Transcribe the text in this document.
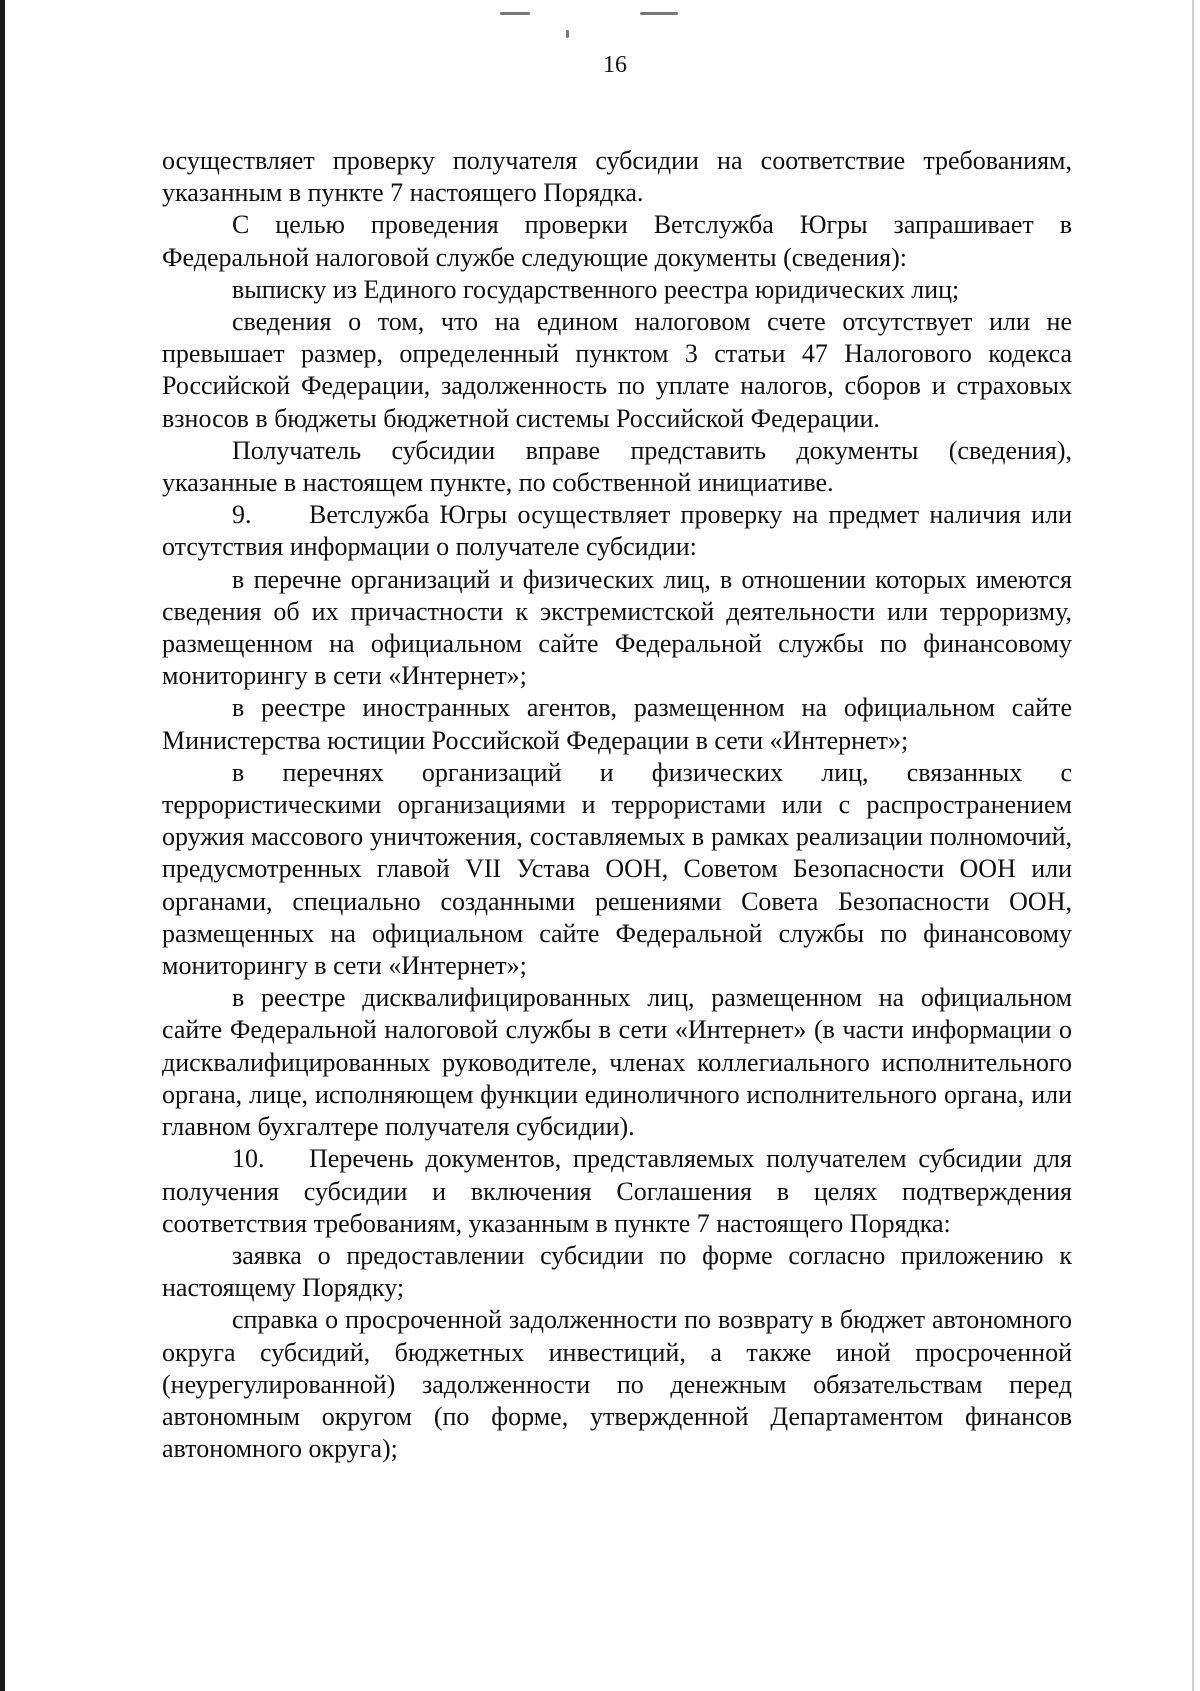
16

осуществляет проверку получателя субсидии на соответствие требованиям, указанным в пункте 7 настоящего Порядка.

С целью проведения проверки Ветслужба Югры запрашивает в Федеральной налоговой службе следующие документы (сведения):

выписку из Единого государственного реестра юридических лиц;

сведения о том, что на едином налоговом счете отсутствует или не превышает размер, определенный пунктом 3 статьи 47 Налогового кодекса Российской Федерации, задолженность по уплате налогов, сборов и страховых взносов в бюджеты бюджетной системы Российской Федерации.

Получатель субсидии вправе представить документы (сведения), указанные в настоящем пункте, по собственной инициативе.

9. Ветслужба Югры осуществляет проверку на предмет наличия или отсутствия информации о получателе субсидии:

в перечне организаций и физических лиц, в отношении которых имеются сведения об их причастности к экстремистской деятельности или терроризму, размещенном на официальном сайте Федеральной службы по финансовому мониторингу в сети «Интернет»;

в реестре иностранных агентов, размещенном на официальном сайте Министерства юстиции Российской Федерации в сети «Интернет»;

в перечнях организаций и физических лиц, связанных с террористическими организациями и террористами или с распространением оружия массового уничтожения, составляемых в рамках реализации полномочий, предусмотренных главой VII Устава ООН, Советом Безопасности ООН или органами, специально созданными решениями Совета Безопасности ООН, размещенных на официальном сайте Федеральной службы по финансовому мониторингу в сети «Интернет»;

в реестре дисквалифицированных лиц, размещенном на официальном сайте Федеральной налоговой службы в сети «Интернет» (в части информации о дисквалифицированных руководителе, членах коллегиального исполнительного органа, лице, исполняющем функции единоличного исполнительного органа, или главном бухгалтере получателя субсидии).

10. Перечень документов, представляемых получателем субсидии для получения субсидии и включения Соглашения в целях подтверждения соответствия требованиям, указанным в пункте 7 настоящего Порядка:

заявка о предоставлении субсидии по форме согласно приложению к настоящему Порядку;

справка о просроченной задолженности по возврату в бюджет автономного округа субсидий, бюджетных инвестиций, а также иной просроченной (неурегулированной) задолженности по денежным обязательствам перед автономным округом (по форме, утвержденной Департаментом финансов автономного округа);
